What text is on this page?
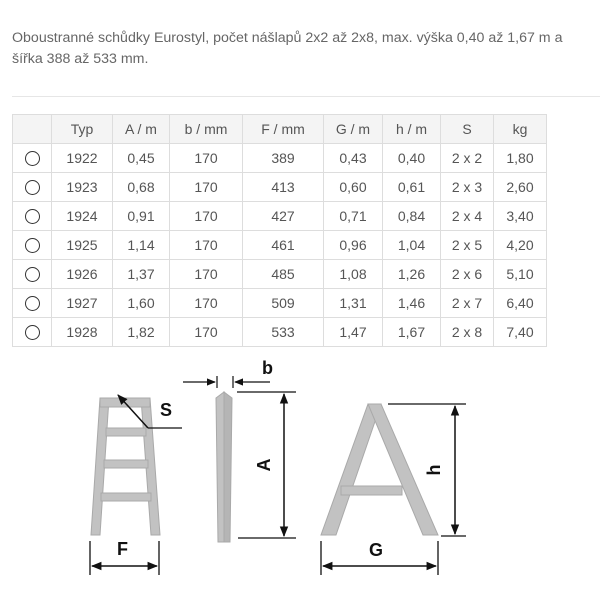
Oboustranné schůdky Eurostyl, počet nášlapů 2x2 až 2x8, max. výška 0,40 až 1,67 m a šířka 388 až 533 mm.
	Typ	A / m	b / mm	F / mm	G / m	h / m	S	kg
	1922	0,45	170	389	0,43	0,40	2 x 2	1,80
	1923	0,68	170	413	0,60	0,61	2 x 3	2,60
	1924	0,91	170	427	0,71	0,84	2 x 4	3,40
	1925	1,14	170	461	0,96	1,04	2 x 5	4,20
	1926	1,37	170	485	1,08	1,26	2 x 6	5,10
	1927	1,60	170	509	1,31	1,46	2 x 7	6,40
	1928	1,82	170	533	1,47	1,67	2 x 8	7,40
S
F
b
A	h
G
